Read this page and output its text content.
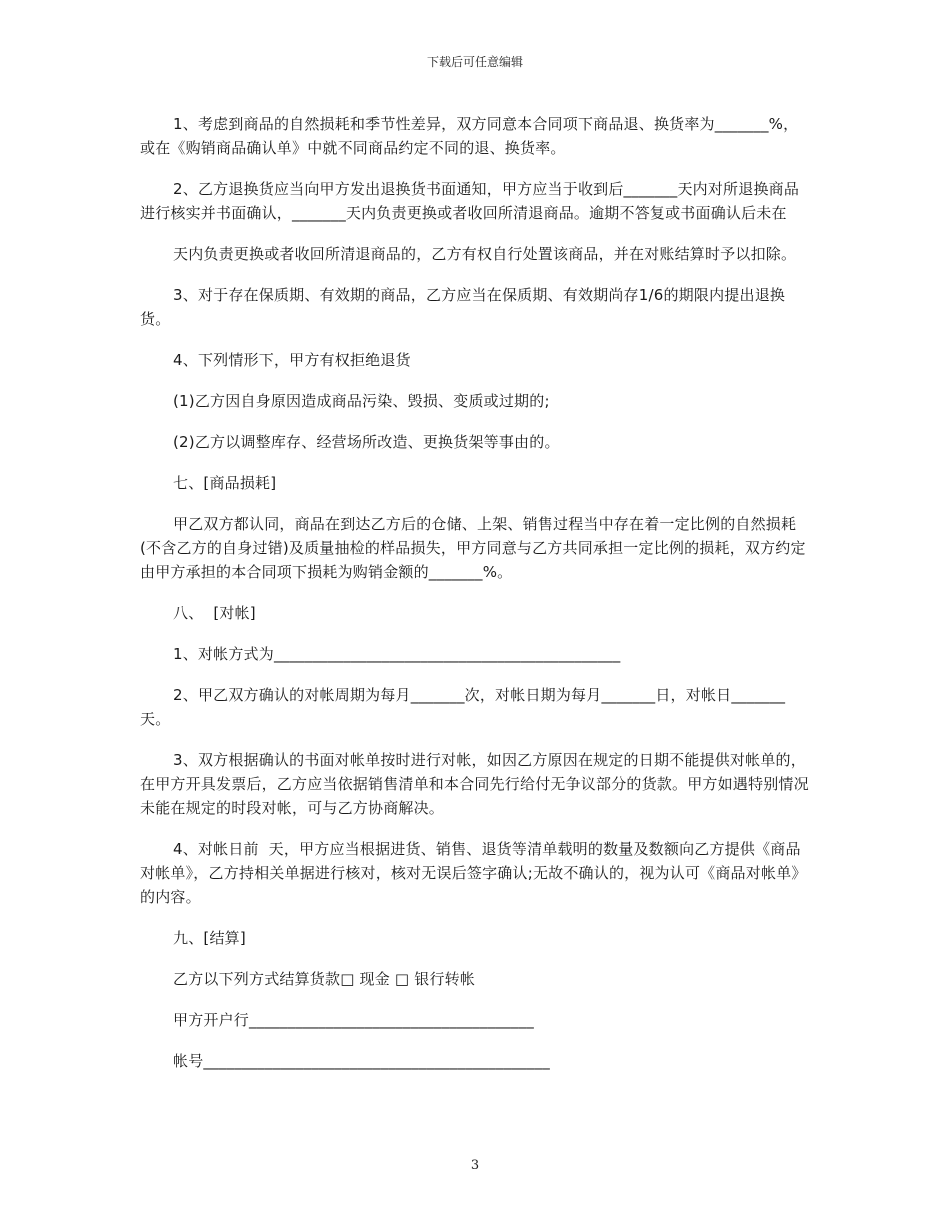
下载后可任意编辑

1、考虑到商品的自然损耗和季节性差异，双方同意本合同项下商品退、换货率为_______%，或在《购销商品确认单》中就不同商品约定不同的退、换货率。

2、乙方退换货应当向甲方发出退换货书面通知，甲方应当于收到后_______天内对所退换商品进行核实并书面确认，_______天内负责更换或者收回所清退商品。逾期不答复或书面确认后未在

天内负责更换或者收回所清退商品的，乙方有权自行处置该商品，并在对账结算时予以扣除。

3、对于存在保质期、有效期的商品，乙方应当在保质期、有效期尚存1/6的期限内提出退换货。

4、下列情形下，甲方有权拒绝退货

(1)乙方因自身原因造成商品污染、毁损、变质或过期的;

(2)乙方以调整库存、经营场所改造、更换货架等事由的。

七、[商品损耗]

甲乙双方都认同，商品在到达乙方后的仓储、上架、销售过程当中存在着一定比例的自然损耗(不含乙方的自身过错)及质量抽检的样品损失，甲方同意与乙方共同承担一定比例的损耗，双方约定由甲方承担的本合同项下损耗为购销金额的_______%。

八、  [对帐]

1、对帐方式为_____________________________________________

2、甲乙双方确认的对帐周期为每月_______次，对帐日期为每月_______日，对帐日_______天。

3、双方根据确认的书面对帐单按时进行对帐，如因乙方原因在规定的日期不能提供对帐单的，在甲方开具发票后，乙方应当依据销售清单和本合同先行给付无争议部分的货款。甲方如遇特别情况未能在规定的时段对帐，可与乙方协商解决。

4、对帐日前  天，甲方应当根据进货、销售、退货等清单载明的数量及数额向乙方提供《商品对帐单》，乙方持相关单据进行核对，核对无误后签字确认;无故不确认的，视为认可《商品对帐单》的内容。

九、[结算]

乙方以下列方式结算货款□ 现金 □ 银行转帐

甲方开户行_____________________________________

帐号_____________________________________________

3
